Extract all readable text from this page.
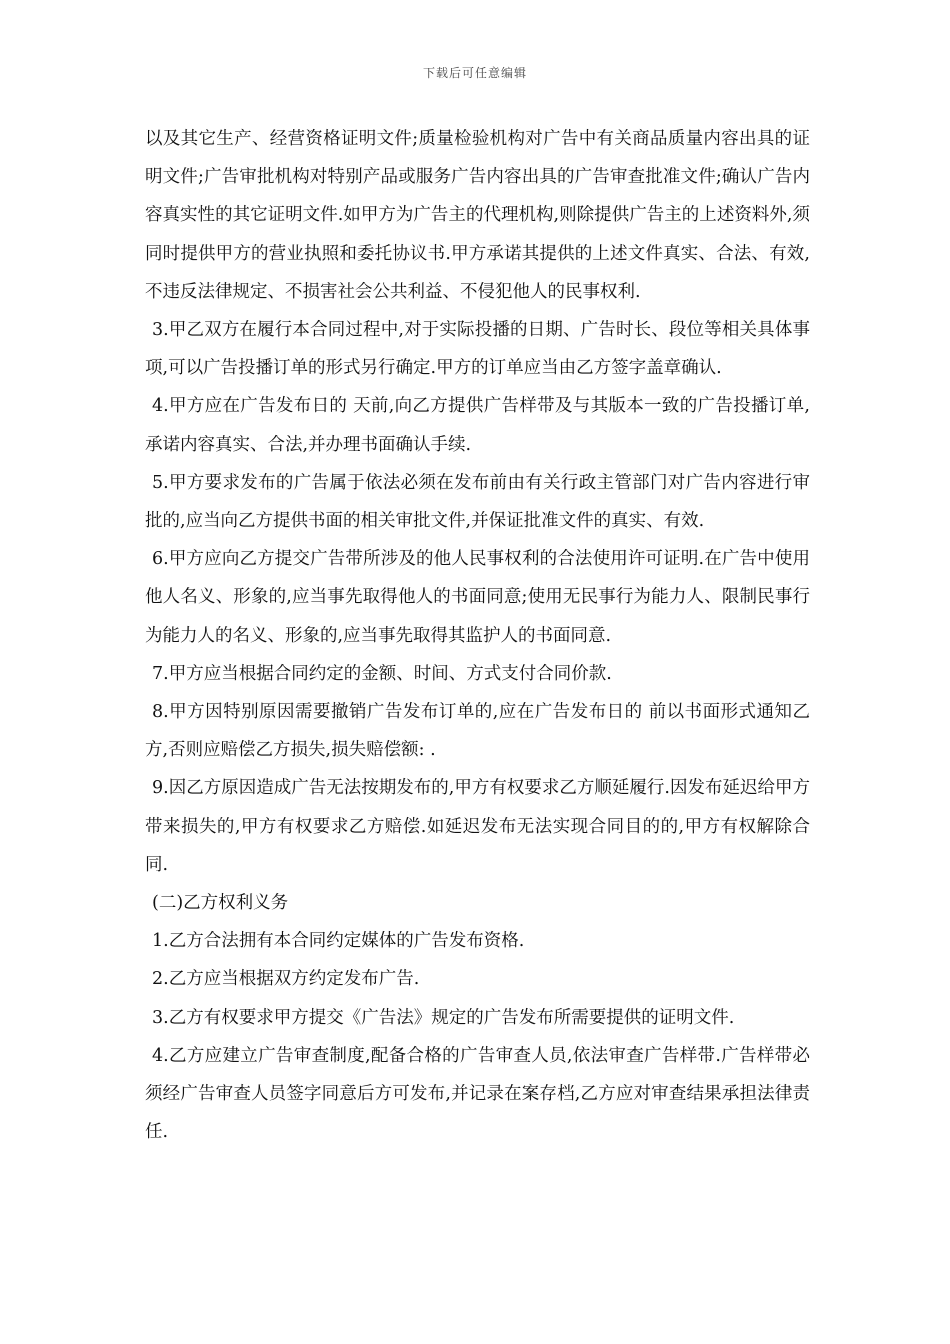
下载后可任意编辑

以及其它生产、经营资格证明文件;质量检验机构对广告中有关商品质量内容出具的证明文件;广告审批机构对特别产品或服务广告内容出具的广告审查批准文件;确认广告内容真实性的其它证明文件.如甲方为广告主的代理机构,则除提供广告主的上述资料外,须同时提供甲方的营业执照和委托协议书.甲方承诺其提供的上述文件真实、合法、有效,不违反法律规定、不损害社会公共利益、不侵犯他人的民事权利.

3.甲乙双方在履行本合同过程中,对于实际投播的日期、广告时长、段位等相关具体事项,可以广告投播订单的形式另行确定.甲方的订单应当由乙方签字盖章确认.

4.甲方应在广告发布日的 天前,向乙方提供广告样带及与其版本一致的广告投播订单,承诺内容真实、合法,并办理书面确认手续.

5.甲方要求发布的广告属于依法必须在发布前由有关行政主管部门对广告内容进行审批的,应当向乙方提供书面的相关审批文件,并保证批准文件的真实、有效.

6.甲方应向乙方提交广告带所涉及的他人民事权利的合法使用许可证明.在广告中使用他人名义、形象的,应当事先取得他人的书面同意;使用无民事行为能力人、限制民事行为能力人的名义、形象的,应当事先取得其监护人的书面同意.

7.甲方应当根据合同约定的金额、时间、方式支付合同价款.

8.甲方因特别原因需要撤销广告发布订单的,应在广告发布日的 前以书面形式通知乙方,否则应赔偿乙方损失,损失赔偿额: .

9.因乙方原因造成广告无法按期发布的,甲方有权要求乙方顺延履行.因发布延迟给甲方带来损失的,甲方有权要求乙方赔偿.如延迟发布无法实现合同目的的,甲方有权解除合同.

(二)乙方权利义务

1.乙方合法拥有本合同约定媒体的广告发布资格.

2.乙方应当根据双方约定发布广告.

3.乙方有权要求甲方提交《广告法》规定的广告发布所需要提供的证明文件.

4.乙方应建立广告审查制度,配备合格的广告审查人员,依法审查广告样带.广告样带必须经广告审查人员签字同意后方可发布,并记录在案存档,乙方应对审查结果承担法律责任.
